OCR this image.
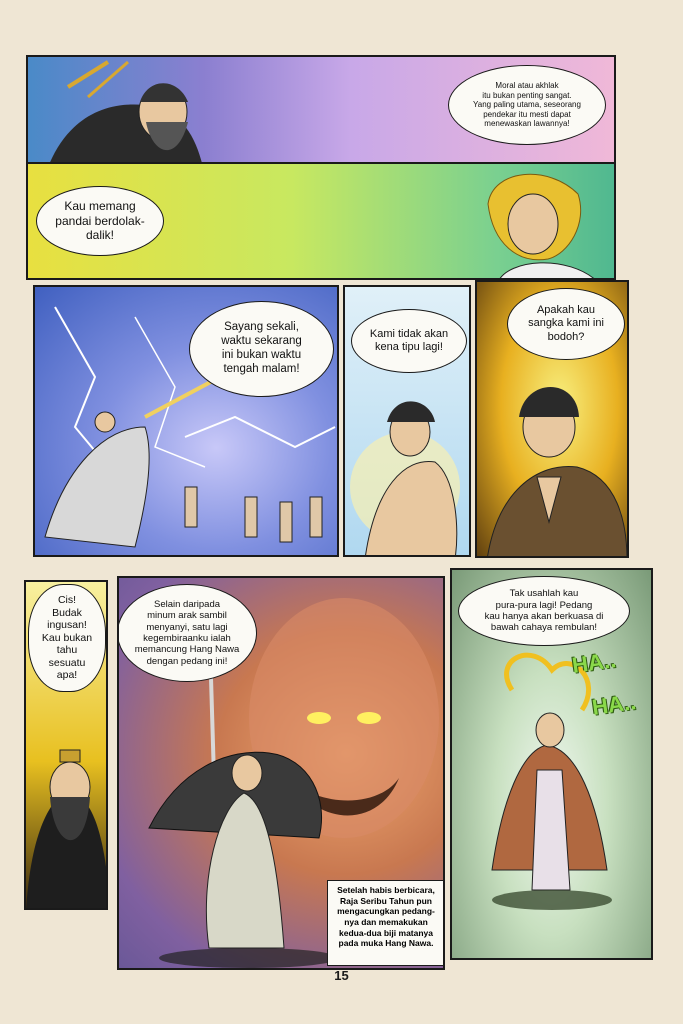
Moral atau akhlak
itu bukan penting sangat.
Yang paling utama, seseorang
pendekar itu mesti dapat
menewaskan lawannya!
Kau memang
pandai berdolak-
dalik!
Sayang sekali,
waktu sekarang
ini bukan waktu
tengah malam!
Kami tidak akan
kena tipu lagi!
Apakah kau
sangka kami ini
bodoh?
Cis!
Budak
ingusan!
Kau bukan
tahu
sesuatu
apa!
Selain daripada
minum arak sambil
menyanyi, satu lagi
kegembiraanku ialah
memancung Hang Nawa
dengan pedang ini!
Setelah habis berbicara,
Raja Seribu Tahun pun
mengacungkan pedang-
nya dan memakukan
kedua-dua biji matanya
pada muka Hang Nawa.
Tak usahlah kau
pura-pura lagi! Pedang
kau hanya akan berkuasa di
bawah cahaya rembulan!
HA..
HA..
15
